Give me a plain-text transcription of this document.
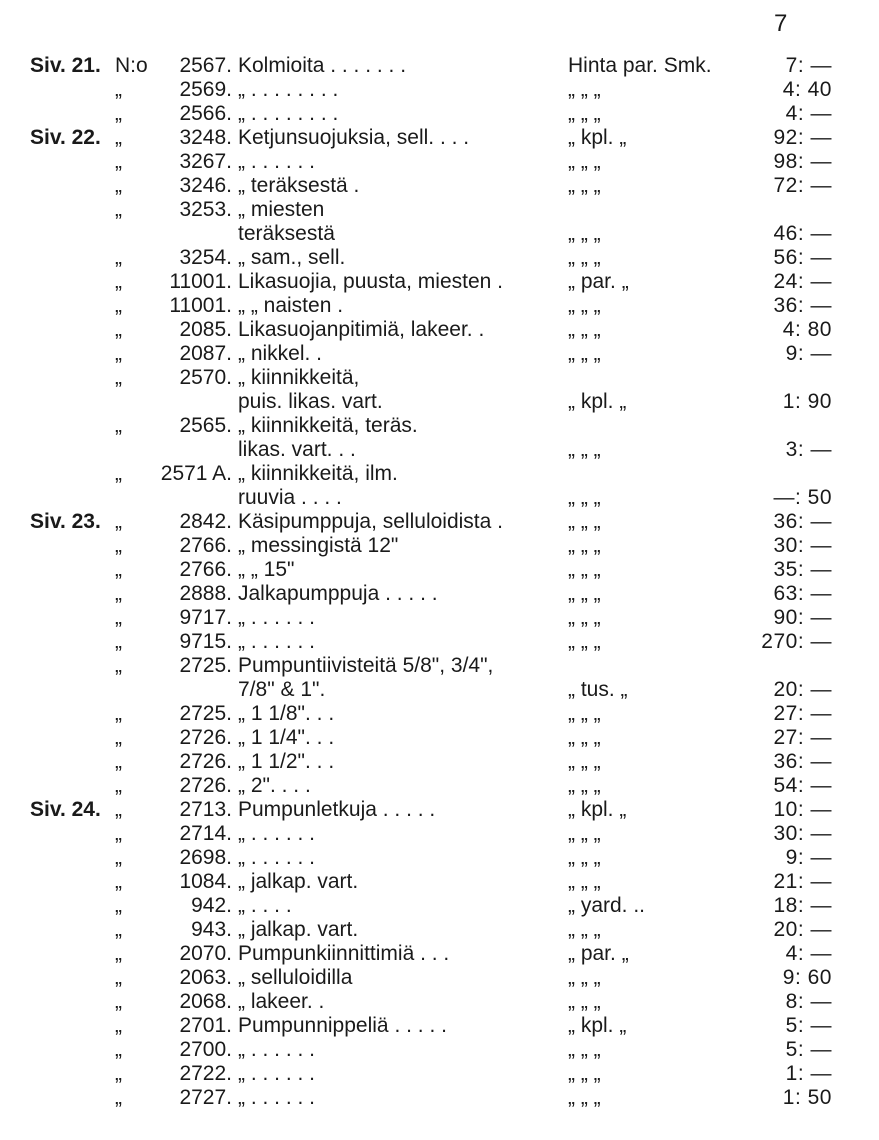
7
Siv. 21. N:o	2567. Kolmioita . . . . . . .	Hinta par. Smk.	7: —
„	2569. „ . . . . . . . .	„ „ „	4: 40
„	2566. „ . . . . . . . .	„ „ „	4: —
Siv. 22. „	3248. Ketjunsuojuksia, sell. . . .	„ kpl. „	92: —
„	3267. „ . . . . . .	„ „ „	98: —
„	3246. „ teräksestä .	„ „ „	72: —
„	3253. „ miesten
teräksestä	„ „ „	46: —
„	3254. „ sam., sell.	„ „ „	56: —
„	11001. Likasuojia, puusta, miesten .	„ par. „	24: —
„	11001. „ „ naisten .	„ „ „	36: —
„	2085. Likasuojanpitimiä, lakeer. .	„ „ „	4: 80
„	2087. „ nikkel. .	„ „ „	9: —
„	2570. „ kiinnikkeitä,
puis. likas. vart.	„ kpl. „	1: 90
„	2565. „ kiinnikkeitä, teräs.
likas. vart. . .	„ „ „	3: —
„	2571 A. „ kiinnikkeitä, ilm.
ruuvia . . . .	„ „ „	—: 50
Siv. 23. „	2842. Käsipumppuja, selluloidista .	„ „ „	36: —
„	2766. „ messingistä 12"	„ „ „	30: —
„	2766. „ „ 15"	„ „ „	35: —
„	2888. Jalkapumppuja . . . . .	„ „ „	63: —
„	9717. „ . . . . . .	„ „ „	90: —
„	9715. „ . . . . . .	„ „ „	270: —
„	2725. Pumpuntiivisteitä 5/8", 3/4",
7/8" & 1".	„ tus. „	20: —
„	2725. „ 1 1/8". . .	„ „ „	27: —
„	2726. „ 1 1/4". . .	„ „ „	27: —
„	2726. „ 1 1/2". . .	„ „ „	36: —
„	2726. „ 2". . . .	„ „ „	54: —
Siv. 24. „	2713. Pumpunletkuja . . . . .	„ kpl. „	10: —
„	2714. „ . . . . . .	„ „ „	30: —
„	2698. „ . . . . . .	„ „ „	9: —
„	1084. „ jalkap. vart.	„ „ „	21: —
„	942. „ . . . .	„ yard. ..	18: —
„	943. „ jalkap. vart.	„ „ „	20: —
„	2070. Pumpunkiinnittimiä . . .	„ par. „	4: —
„	2063. „ selluloidilla	„ „ „	9: 60
„	2068. „ lakeer. .	„ „ „	8: —
„	2701. Pumpunnippeliä . . . . .	„ kpl. „	5: —
„	2700. „ . . . . . .	„ „ „	5: —
„	2722. „ . . . . . .	„ „ „	1: —
„	2727. „ . . . . . .	„ „ „	1: 50
